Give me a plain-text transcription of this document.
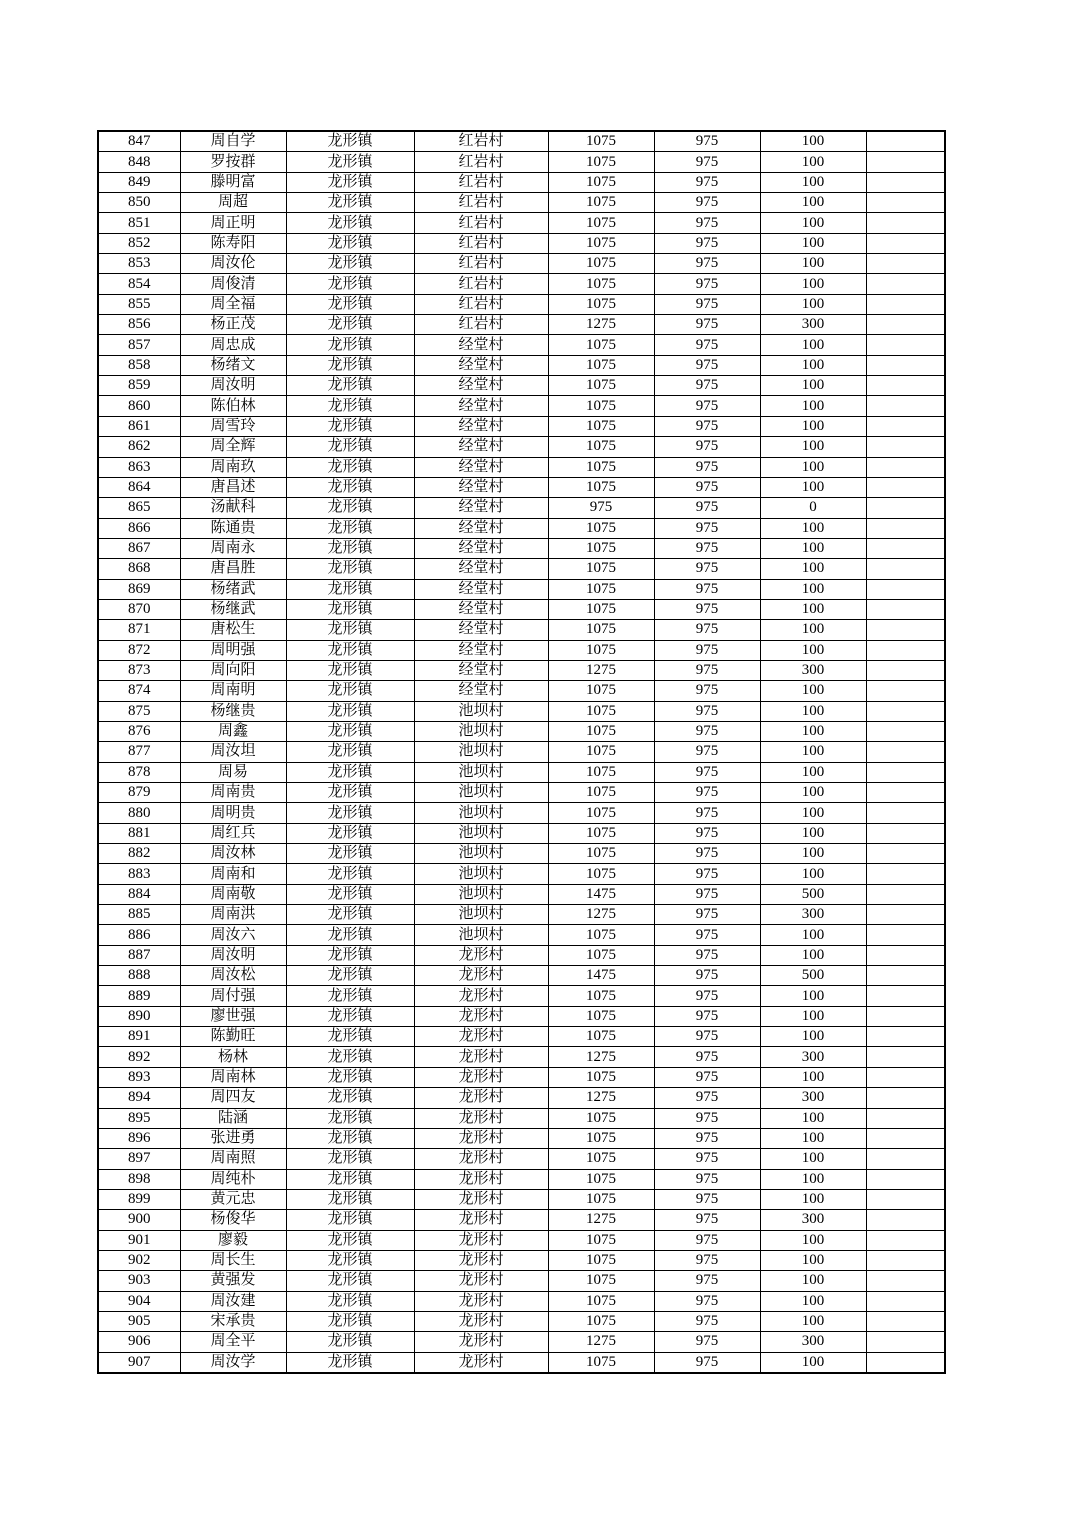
847	周自学	龙形镇	红岩村	1075	975	100	
848	罗按群	龙形镇	红岩村	1075	975	100	
849	滕明富	龙形镇	红岩村	1075	975	100	
850	周超	龙形镇	红岩村	1075	975	100	
851	周正明	龙形镇	红岩村	1075	975	100	
852	陈寿阳	龙形镇	红岩村	1075	975	100	
853	周汝伦	龙形镇	红岩村	1075	975	100	
854	周俊清	龙形镇	红岩村	1075	975	100	
855	周全福	龙形镇	红岩村	1075	975	100	
856	杨正茂	龙形镇	红岩村	1275	975	300	
857	周忠成	龙形镇	经堂村	1075	975	100	
858	杨绪文	龙形镇	经堂村	1075	975	100	
859	周汝明	龙形镇	经堂村	1075	975	100	
860	陈伯林	龙形镇	经堂村	1075	975	100	
861	周雪玲	龙形镇	经堂村	1075	975	100	
862	周全辉	龙形镇	经堂村	1075	975	100	
863	周南玖	龙形镇	经堂村	1075	975	100	
864	唐昌述	龙形镇	经堂村	1075	975	100	
865	汤献科	龙形镇	经堂村	975	975	0	
866	陈通贵	龙形镇	经堂村	1075	975	100	
867	周南永	龙形镇	经堂村	1075	975	100	
868	唐昌胜	龙形镇	经堂村	1075	975	100	
869	杨绪武	龙形镇	经堂村	1075	975	100	
870	杨继武	龙形镇	经堂村	1075	975	100	
871	唐松生	龙形镇	经堂村	1075	975	100	
872	周明强	龙形镇	经堂村	1075	975	100	
873	周向阳	龙形镇	经堂村	1275	975	300	
874	周南明	龙形镇	经堂村	1075	975	100	
875	杨继贵	龙形镇	池坝村	1075	975	100	
876	周鑫	龙形镇	池坝村	1075	975	100	
877	周汝坦	龙形镇	池坝村	1075	975	100	
878	周易	龙形镇	池坝村	1075	975	100	
879	周南贵	龙形镇	池坝村	1075	975	100	
880	周明贵	龙形镇	池坝村	1075	975	100	
881	周红兵	龙形镇	池坝村	1075	975	100	
882	周汝林	龙形镇	池坝村	1075	975	100	
883	周南和	龙形镇	池坝村	1075	975	100	
884	周南敬	龙形镇	池坝村	1475	975	500	
885	周南洪	龙形镇	池坝村	1275	975	300	
886	周汝六	龙形镇	池坝村	1075	975	100	
887	周汝明	龙形镇	龙形村	1075	975	100	
888	周汝松	龙形镇	龙形村	1475	975	500	
889	周付强	龙形镇	龙形村	1075	975	100	
890	廖世强	龙形镇	龙形村	1075	975	100	
891	陈勤旺	龙形镇	龙形村	1075	975	100	
892	杨林	龙形镇	龙形村	1275	975	300	
893	周南林	龙形镇	龙形村	1075	975	100	
894	周四友	龙形镇	龙形村	1275	975	300	
895	陆涵	龙形镇	龙形村	1075	975	100	
896	张进勇	龙形镇	龙形村	1075	975	100	
897	周南照	龙形镇	龙形村	1075	975	100	
898	周纯朴	龙形镇	龙形村	1075	975	100	
899	黄元忠	龙形镇	龙形村	1075	975	100	
900	杨俊华	龙形镇	龙形村	1275	975	300	
901	廖毅	龙形镇	龙形村	1075	975	100	
902	周长生	龙形镇	龙形村	1075	975	100	
903	黄强发	龙形镇	龙形村	1075	975	100	
904	周汝建	龙形镇	龙形村	1075	975	100	
905	宋承贵	龙形镇	龙形村	1075	975	100	
906	周全平	龙形镇	龙形村	1275	975	300	
907	周汝学	龙形镇	龙形村	1075	975	100	
